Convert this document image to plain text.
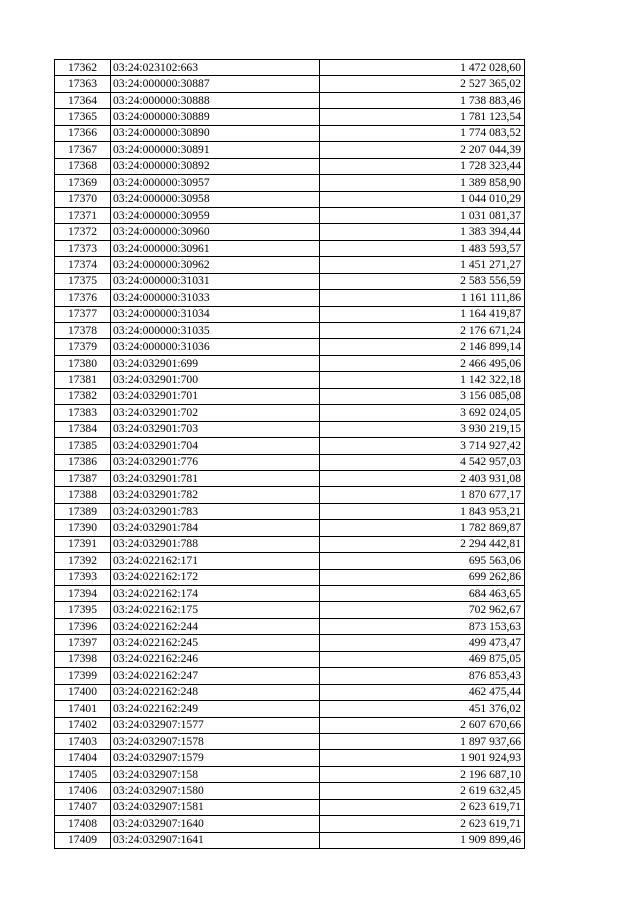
17362	03:24:023102:663	1 472 028,60
17363	03:24:000000:30887	2 527 365,02
17364	03:24:000000:30888	1 738 883,46
17365	03:24:000000:30889	1 781 123,54
17366	03:24:000000:30890	1 774 083,52
17367	03:24:000000:30891	2 207 044,39
17368	03:24:000000:30892	1 728 323,44
17369	03:24:000000:30957	1 389 858,90
17370	03:24:000000:30958	1 044 010,29
17371	03:24:000000:30959	1 031 081,37
17372	03:24:000000:30960	1 383 394,44
17373	03:24:000000:30961	1 483 593,57
17374	03:24:000000:30962	1 451 271,27
17375	03:24:000000:31031	2 583 556,59
17376	03:24:000000:31033	1 161 111,86
17377	03:24:000000:31034	1 164 419,87
17378	03:24:000000:31035	2 176 671,24
17379	03:24:000000:31036	2 146 899,14
17380	03:24:032901:699	2 466 495,06
17381	03:24:032901:700	1 142 322,18
17382	03:24:032901:701	3 156 085,08
17383	03:24:032901:702	3 692 024,05
17384	03:24:032901:703	3 930 219,15
17385	03:24:032901:704	3 714 927,42
17386	03:24:032901:776	4 542 957,03
17387	03:24:032901:781	2 403 931,08
17388	03:24:032901:782	1 870 677,17
17389	03:24:032901:783	1 843 953,21
17390	03:24:032901:784	1 782 869,87
17391	03:24:032901:788	2 294 442,81
17392	03:24:022162:171	695 563,06
17393	03:24:022162:172	699 262,86
17394	03:24:022162:174	684 463,65
17395	03:24:022162:175	702 962,67
17396	03:24:022162:244	873 153,63
17397	03:24:022162:245	499 473,47
17398	03:24:022162:246	469 875,05
17399	03:24:022162:247	876 853,43
17400	03:24:022162:248	462 475,44
17401	03:24:022162:249	451 376,02
17402	03:24:032907:1577	2 607 670,66
17403	03:24:032907:1578	1 897 937,66
17404	03:24:032907:1579	1 901 924,93
17405	03:24:032907:158	2 196 687,10
17406	03:24:032907:1580	2 619 632,45
17407	03:24:032907:1581	2 623 619,71
17408	03:24:032907:1640	2 623 619,71
17409	03:24:032907:1641	1 909 899,46
